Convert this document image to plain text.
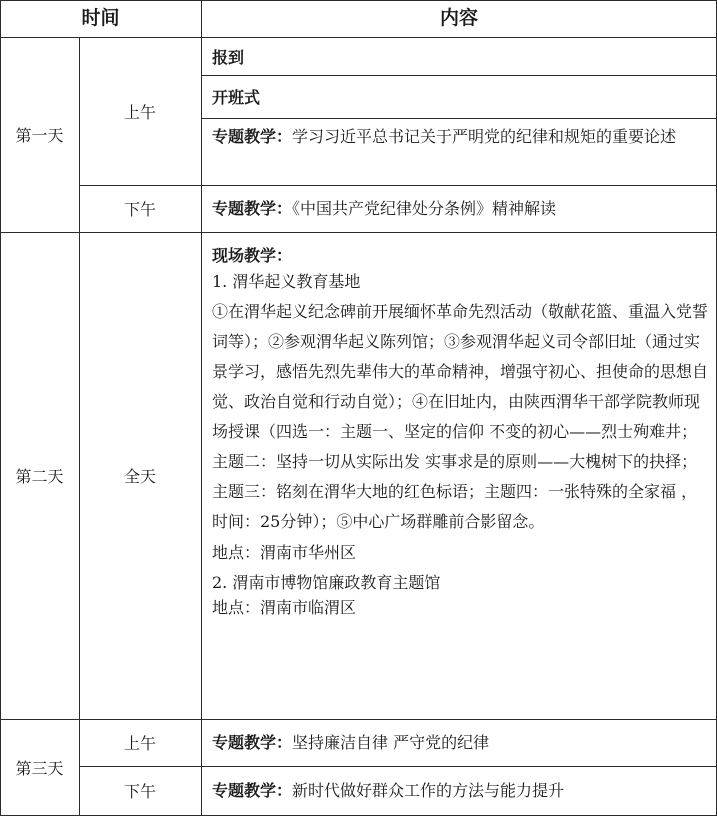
时间	内容
第一天
上午
下午
报到
开班式
专题教学：学习习近平总书记关于严明党的纪律和规矩的重要论述
专题教学：《中国共产党纪律处分条例》精神解读
第二天	全天
现场教学：
1. 渭华起义教育基地
①在渭华起义纪念碑前开展缅怀革命先烈活动（敬献花篮、重温入党誓词等）；②参观渭华起义陈列馆；③参观渭华起义司令部旧址（通过实景学习，感悟先烈先辈伟大的革命精神，增强守初心、担使命的思想自觉、政治自觉和行动自觉）；④在旧址内，由陕西渭华干部学院教师现场授课（四选一：主题一、坚定的信仰 不变的初心——烈士殉难井；主题二：坚持一切从实际出发 实事求是的原则——大槐树下的抉择；主题三：铭刻在渭华大地的红色标语；主题四：一张特殊的全家福 ，时间：25分钟）；⑤中心广场群雕前合影留念。
地点：渭南市华州区
2. 渭南市博物馆廉政教育主题馆
地点：渭南市临渭区
第三天
上午
下午
专题教学：坚持廉洁自律 严守党的纪律
专题教学：新时代做好群众工作的方法与能力提升
